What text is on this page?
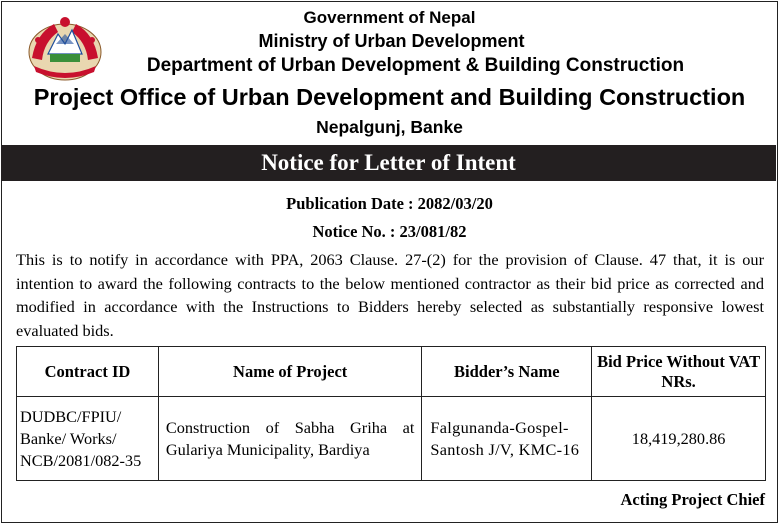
Government of Nepal
Ministry of Urban Development
Department of Urban Development & Building Construction
Project Office of Urban Development and Building Construction
Nepalgunj, Banke
Notice for Letter of Intent
Publication Date : 2082/03/20
Notice No. : 23/081/82

This is to notify in accordance with PPA, 2063 Clause. 27-(2) for the provision of Clause. 47 that, it is our intention to award the following contracts to the below mentioned contractor as their bid price as corrected and modified in accordance with the Instructions to Bidders hereby selected as substantially responsive lowest evaluated bids.

Contract ID	Name of Project	Bidder’s Name	Bid Price Without VAT NRs.
DUDBC/FPIU/ Banke/ Works/ NCB/2081/082-35	Construction of Sabha Griha at Gulariya Municipality, Bardiya	Falgunanda-Gospel-Santosh J/V, KMC-16	18,419,280.86
Acting Project Chief
